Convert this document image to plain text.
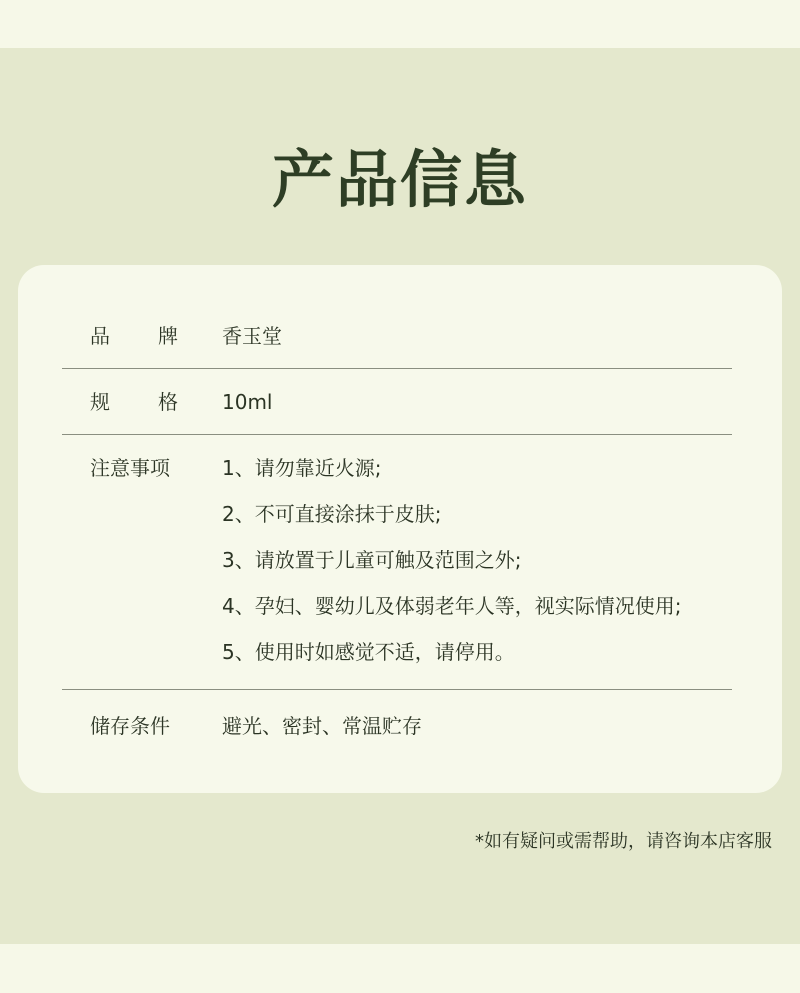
产品信息
品 牌 香玉堂
规 格 10ml
注意事项	1、请勿靠近火源;
2、不可直接涂抹于皮肤;
3、请放置于儿童可触及范围之外;
4、孕妇、婴幼儿及体弱老年人等，视实际情况使用;
5、使用时如感觉不适，请停用。
储存条件	避光、密封、常温贮存
*如有疑问或需帮助，请咨询本店客服
